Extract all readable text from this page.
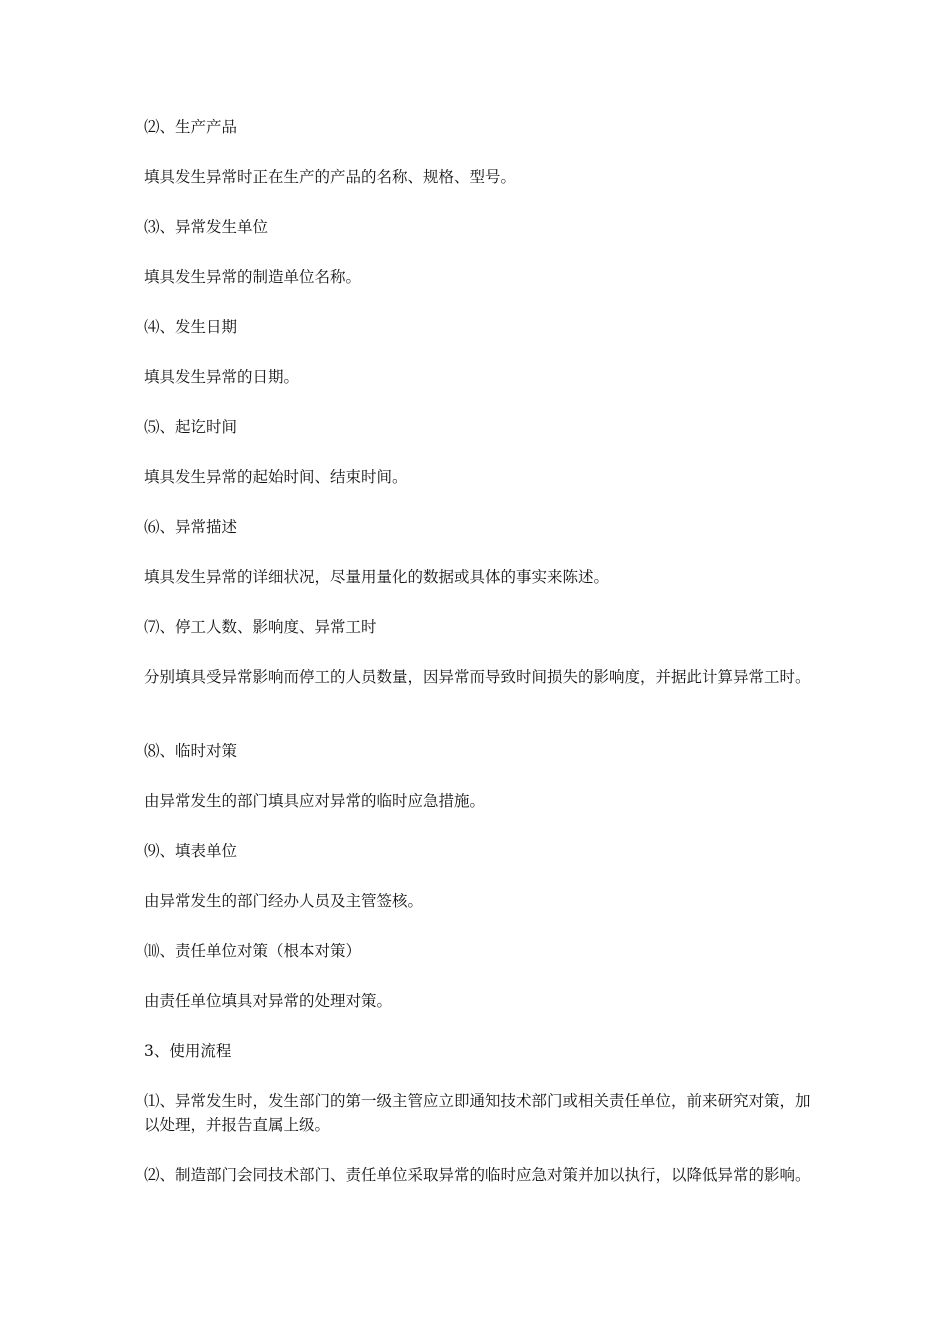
⑵、生产产品

填具发生异常时正在生产的产品的名称、规格、型号。

⑶、异常发生单位

填具发生异常的制造单位名称。

⑷、发生日期

填具发生异常的日期。

⑸、起讫时间

填具发生异常的起始时间、结束时间。

⑹、异常描述

填具发生异常的详细状况，尽量用量化的数据或具体的事实来陈述。

⑺、停工人数、影响度、异常工时

分别填具受异常影响而停工的人员数量，因异常而导致时间损失的影响度，并据此计算异常工时。

⑻、临时对策

由异常发生的部门填具应对异常的临时应急措施。

⑼、填表单位

由异常发生的部门经办人员及主管签核。

⑽、责任单位对策（根本对策）

由责任单位填具对异常的处理对策。

3、使用流程

⑴、异常发生时，发生部门的第一级主管应立即通知技术部门或相关责任单位，前来研究对策，加以处理，并报告直属上级。

⑵、制造部门会同技术部门、责任单位采取异常的临时应急对策并加以执行，以降低异常的影响。
